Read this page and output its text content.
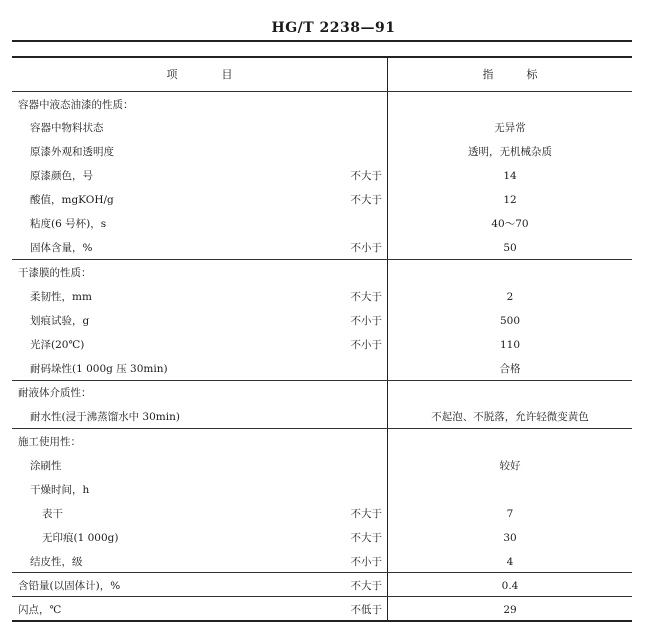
HG/T 2238—91
项　　　　目	指　　　标
容器中液态油漆的性质：
容器中物料状态	无异常
原漆外观和透明度	透明，无机械杂质
原漆颜色，号	不大于	14
酸值，mgKOH/g	不大于	12
粘度(6 号杯)，s	40～70
固体含量，%	不小于	50
干漆膜的性质：
柔韧性，mm	不大于	2
划痕试验，g	不小于	500
光泽(20℃)	不小于	110
耐码垛性(1 000g 压 30min)	合格
耐液体介质性：
耐水性(浸于沸蒸馏水中 30min)	不起泡、不脱落，允许轻微变黄色
施工使用性：
涂刷性	较好
干燥时间，h
表干	不大于	7
无印痕(1 000g)	不大于	30
结皮性，级	不小于	4
含铅量(以固体计)，%	不大于	0.4
闪点，℃	不低于	29
